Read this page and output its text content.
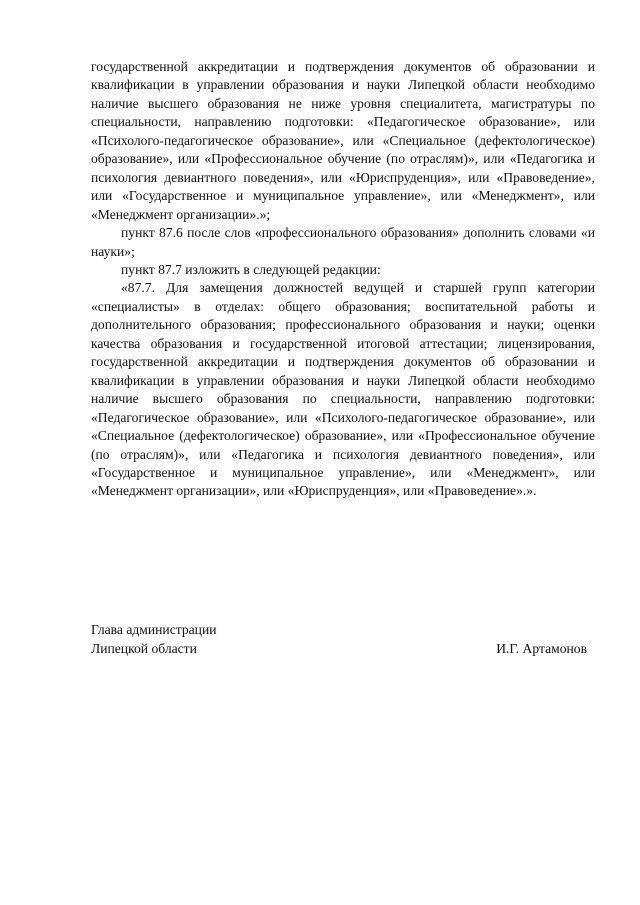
государственной аккредитации и подтверждения документов об образовании и квалификации в управлении образования и науки Липецкой области необходимо наличие высшего образования не ниже уровня специалитета, магистратуры по специальности, направлению подготовки: «Педагогическое образование», или «Психолого-педагогическое образование», или «Специальное (дефектологическое) образование», или «Профессиональное обучение (по отраслям)», или «Педагогика и психология девиантного поведения», или «Юриспруденция», или «Правоведение», или «Государственное и муниципальное управление», или «Менеджмент», или «Менеджмент организации».»;

пункт 87.6 после слов «профессионального образования» дополнить словами «и науки»;

пункт 87.7 изложить в следующей редакции:

«87.7. Для замещения должностей ведущей и старшей групп категории «специалисты» в отделах: общего образования; воспитательной работы и дополнительного образования; профессионального образования и науки; оценки качества образования и государственной итоговой аттестации; лицензирования, государственной аккредитации и подтверждения документов об образовании и квалификации в управлении образования и науки Липецкой области необходимо наличие высшего образования по специальности, направлению подготовки: «Педагогическое образование», или «Психолого-педагогическое образование», или «Специальное (дефектологическое) образование», или «Профессиональное обучение (по отраслям)», или «Педагогика и психология девиантного поведения», или «Государственное и муниципальное управление», или «Менеджмент», или «Менеджмент организации», или «Юриспруденция», или «Правоведение».».

Глава администрации
Липецкой области	И.Г. Артамонов
